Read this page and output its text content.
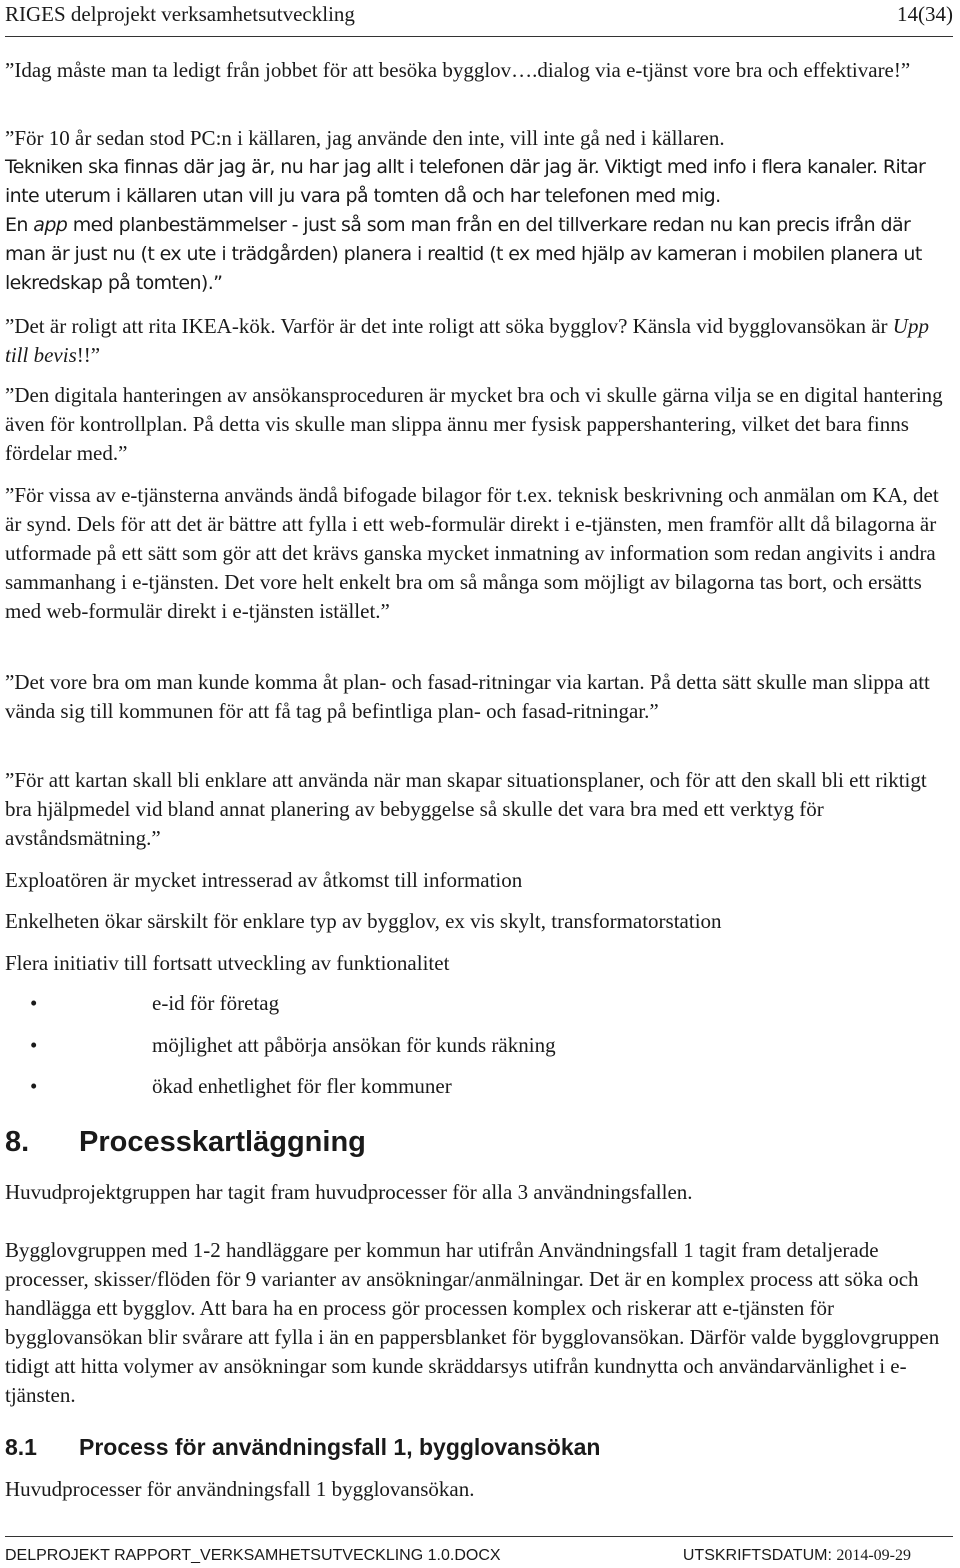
RIGES delprojekt verksamhetsutveckling	14(34)

”Idag måste man ta ledigt från jobbet för att besöka bygglov….dialog via e-tjänst vore bra och effektivare!”

”För 10 år sedan stod PC:n i källaren, jag använde den inte, vill inte gå ned i källaren.

Tekniken ska finnas där jag är, nu har jag allt i telefonen där jag är. Viktigt med info i flera kanaler. Ritar inte uterum i källaren utan vill ju vara på tomten då och har telefonen med mig.

En app med planbestämmelser - just så som man från en del tillverkare redan nu kan precis ifrån där man är just nu (t ex ute i trädgården) planera i realtid (t ex med hjälp av kameran i mobilen planera ut lekredskap på tomten).”

”Det är roligt att rita IKEA-kök. Varför är det inte roligt att söka bygglov? Känsla vid bygglovansökan är Upp till bevis!!”

”Den digitala hanteringen av ansökansproceduren är mycket bra och vi skulle gärna vilja se en digital hantering även för kontrollplan. På detta vis skulle man slippa ännu mer fysisk pappershantering, vilket det bara finns fördelar med.”

”För vissa av e-tjänsterna används ändå bifogade bilagor för t.ex. teknisk beskrivning och anmälan om KA, det är synd. Dels för att det är bättre att fylla i ett web-formulär direkt i e-tjänsten, men framför allt då bilagorna är utformade på ett sätt som gör att det krävs ganska mycket inmatning av information som redan angivits i andra sammanhang i e-tjänsten. Det vore helt enkelt bra om så många som möjligt av bilagorna tas bort, och ersätts med web-formulär direkt i e-tjänsten istället.”

”Det vore bra om man kunde komma åt plan- och fasad-ritningar via kartan. På detta sätt skulle man slippa att vända sig till kommunen för att få tag på befintliga plan- och fasad-ritningar.”

”För att kartan skall bli enklare att använda när man skapar situationsplaner, och för att den skall bli ett riktigt bra hjälpmedel vid bland annat planering av bebyggelse så skulle det vara bra med ett verktyg för avståndsmätning.”

Exploatören är mycket intresserad av åtkomst till information

Enkelheten ökar särskilt för enklare typ av bygglov, ex vis skylt, transformatorstation

Flera initiativ till fortsatt utveckling av funktionalitet

•	e-id för företag
•	möjlighet att påbörja ansökan för kunds räkning
•	ökad enhetlighet för fler kommuner
8. Processkartläggning

Huvudprojektgruppen har tagit fram huvudprocesser för alla 3 användningsfallen.

Bygglovgruppen med 1-2 handläggare per kommun har utifrån Användningsfall 1 tagit fram detaljerade processer, skisser/flöden för 9 varianter av ansökningar/anmälningar. Det är en komplex process att söka och handlägga ett bygglov. Att bara ha en process gör processen komplex och riskerar att e-tjänsten för bygglovansökan blir svårare att fylla i än en pappersblanket för bygglovansökan. Därför valde bygglovgruppen tidigt att hitta volymer av ansökningar som kunde skräddarsys utifrån kundnytta och användarvänlighet i e-tjänsten.

8.1 Process för användningsfall 1, bygglovansökan

Huvudprocesser för användningsfall 1 bygglovansökan.

DELPROJEKT RAPPORT_VERKSAMHETSUTVECKLING 1.0.DOCX	UTSKRIFTSDATUM: 2014-09-29
